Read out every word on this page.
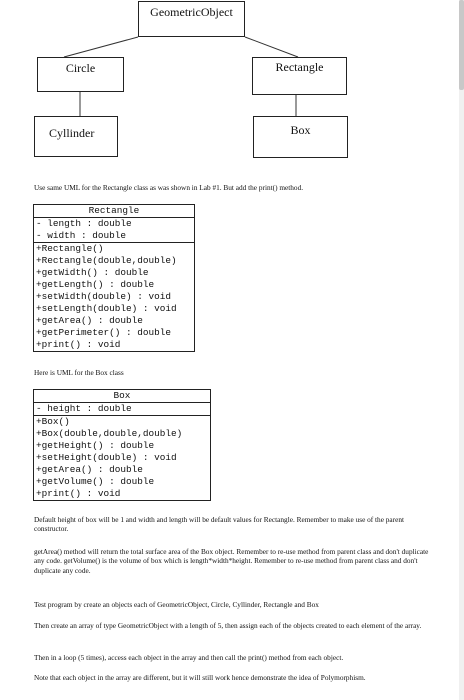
GeometricObject
Circle	Rectangle
Cyllinder	Box

Use same UML for the Rectangle class as was shown in Lab #1. But add the print() method.

Rectangle
- length : double
- width : double
+Rectangle()
+Rectangle(double,double)
+getWidth() : double
+getLength() : double
+setWidth(double) : void
+setLength(double) : void
+getArea() : double
+getPerimeter() : double
+print() : void

Here is UML for the Box class

Box
- height : double
+Box()
+Box(double,double,double)
+getHeight() : double
+setHeight(double) : void
+getArea() : double
+getVolume() : double
+print() : void

Default height of box will be 1 and width and length will be default values for Rectangle. Remember to make use of the parent constructor.

getArea() method will return the total surface area of the Box object. Remember to re-use method from parent class and don't duplicate any code. getVolume() is the volume of box which is length*width*height. Remember to re-use method from parent class and don't duplicate any code.

Test program by create an objects each of GeometricObject, Circle, Cyllinder, Rectangle and Box

Then create an array of type GeometricObject with a length of 5, then assign each of the objects created to each element of the array.

Then in a loop (5 times), access each object in the array and then call the print() method from each object.

Note that each object in the array are different, but it will still work hence demonstrate the idea of Polymorphism.
